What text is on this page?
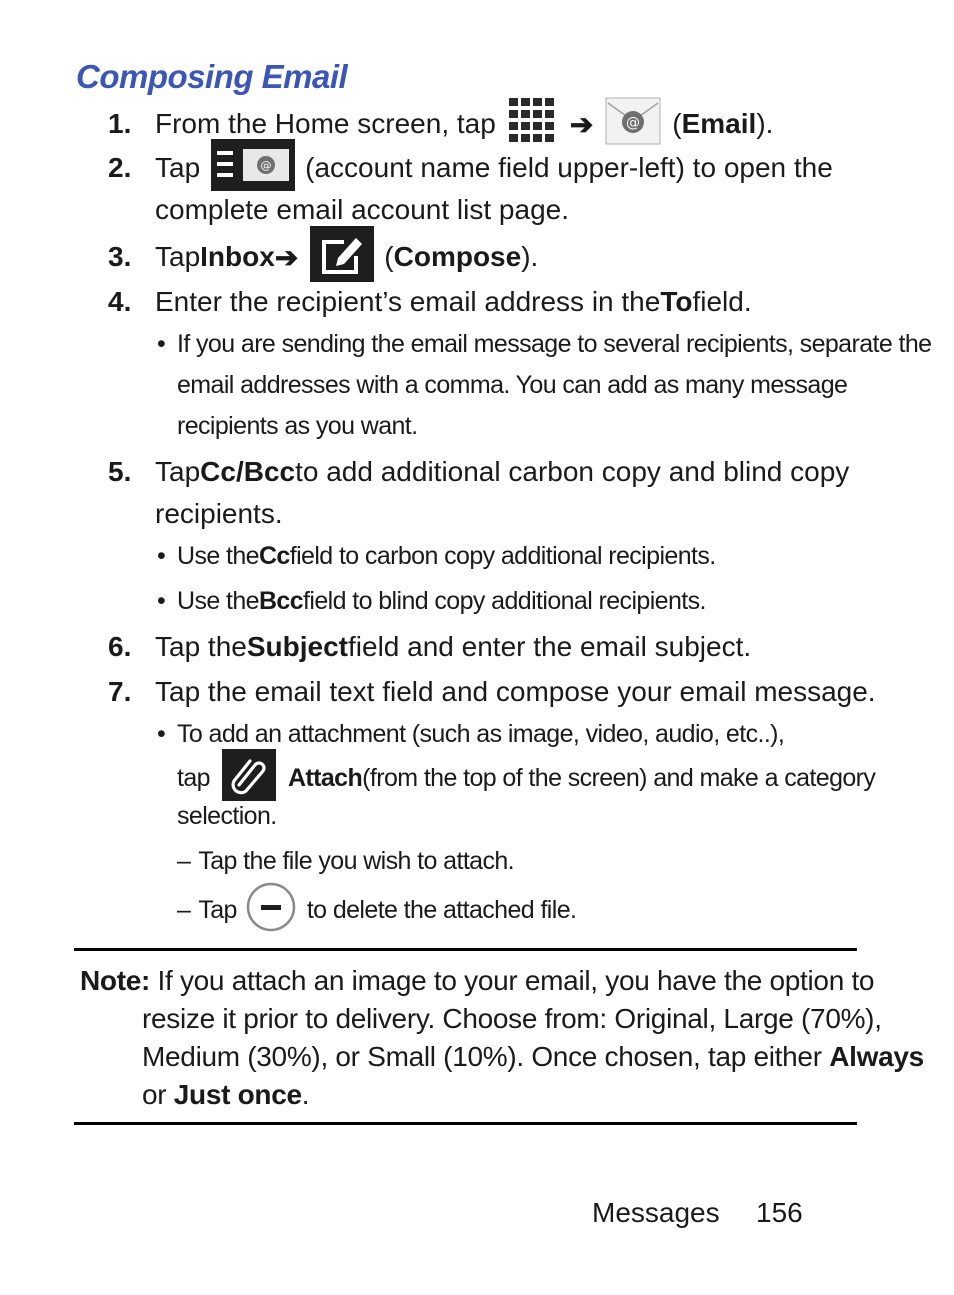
Composing Email
1. From the Home screen, tap	➔ @ ( Email ).
2. Tap	@ (account name field upper-left) to open the
complete email account list page.
3. Tap Inbox ➔	( Compose ).
4. Enter the recipient’s email address in the To field.
• If you are sending the email message to several recipients, separate the
email addresses with a comma. You can add as many message
recipients as you want.
5. Tap Cc/Bcc to add additional carbon copy and blind copy
recipients.
• Use the Cc field to carbon copy additional recipients.
• Use the Bcc field to blind copy additional recipients.
6. Tap the Subject field and enter the email subject.
7. Tap the email text field and compose your email message.
• To add an attachment (such as image, video, audio, etc..),
tap	Attach (from the top of the screen) and make a category
selection.
– Tap the file you wish to attach.
– Tap	to delete the attached file.
Note: If you attach an image to your email, you have the option to
resize it prior to delivery. Choose from: Original, Large (70%),
Medium (30%), or Small (10%). Once chosen, tap either Always
or Just once.
Messages 156
